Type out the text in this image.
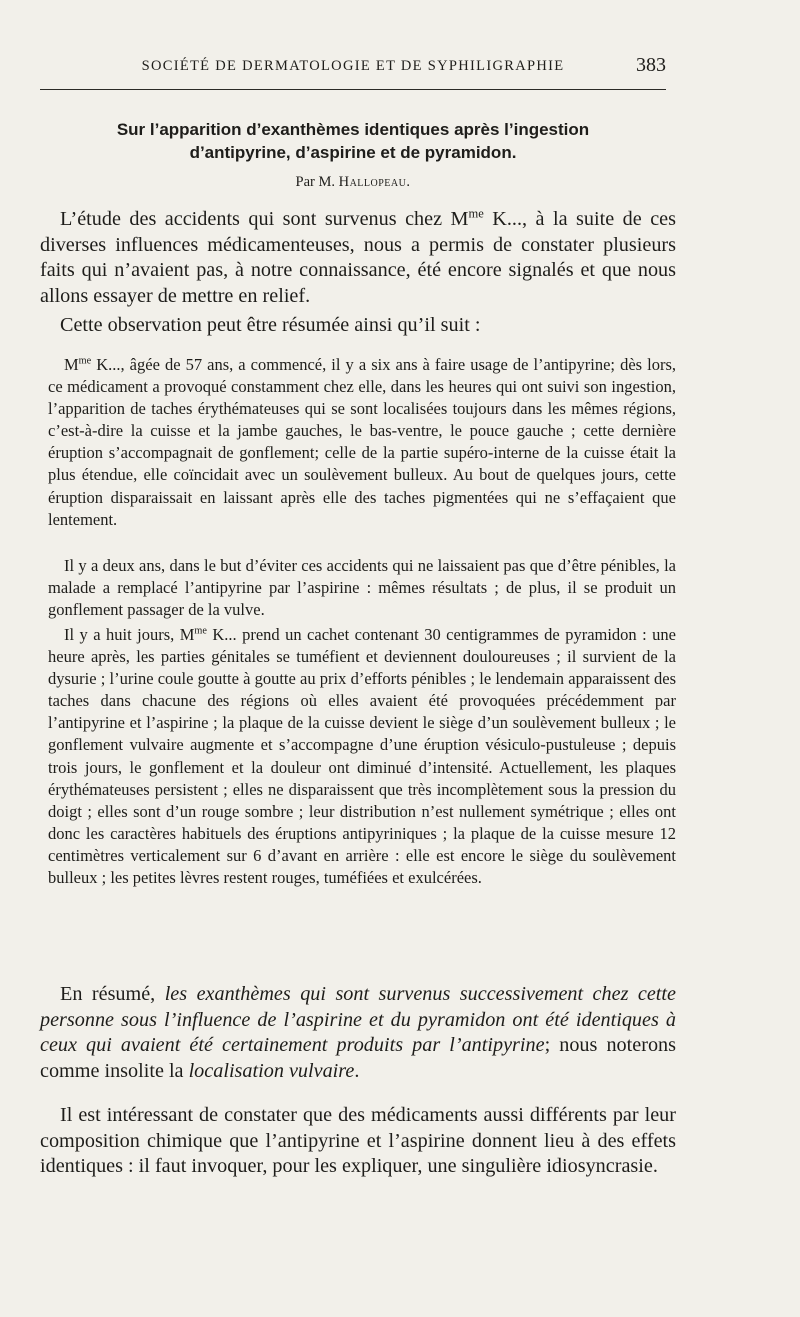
SOCIÉTÉ DE DERMATOLOGIE ET DE SYPHILIGRAPHIE	383
Sur l’apparition d’exanthèmes identiques après l’ingestion
d’antipyrine, d’aspirine et de pyramidon.

Par M. Hallopeau.

L’étude des accidents qui sont survenus chez $M^{me}$ K..., à la suite de ces diverses influences médicamenteuses, nous a permis de constater plusieurs faits qui n’avaient pas, à notre connaissance, été encore signalés et que nous allons essayer de mettre en relief.

Cette observation peut être résumée ainsi qu’il suit :

$M^{me}$ K..., âgée de 57 ans, a commencé, il y a six ans à faire usage de l’antipyrine; dès lors, ce médicament a provoqué constamment chez elle, dans les heures qui ont suivi son ingestion, l’apparition de taches érythémateuses qui se sont localisées toujours dans les mêmes régions, c’est-à-dire la cuisse et la jambe gauches, le bas-ventre, le pouce gauche ; cette dernière éruption s’accompagnait de gonflement; celle de la partie supéro-interne de la cuisse était la plus étendue, elle coïncidait avec un soulèvement bulleux. Au bout de quelques jours, cette éruption disparaissait en laissant après elle des taches pigmentées qui ne s’effaçaient que lentement.

Il y a deux ans, dans le but d’éviter ces accidents qui ne laissaient pas que d’être pénibles, la malade a remplacé l’antipyrine par l’aspirine : mêmes résultats ; de plus, il se produit un gonflement passager de la vulve.

Il y a huit jours, $M^{me}$ K... prend un cachet contenant 30 centigrammes de pyramidon : une heure après, les parties génitales se tuméfient et deviennent douloureuses ; il survient de la dysurie ; l’urine coule goutte à goutte au prix d’efforts pénibles ; le lendemain apparaissent des taches dans chacune des régions où elles avaient été provoquées précédemment par l’antipyrine et l’aspirine ; la plaque de la cuisse devient le siège d’un soulèvement bulleux ; le gonflement vulvaire augmente et s’accompagne d’une éruption vésiculo-pustuleuse ; depuis trois jours, le gonflement et la douleur ont diminué d’intensité. Actuellement, les plaques érythémateuses persistent ; elles ne disparaissent que très incomplètement sous la pression du doigt ; elles sont d’un rouge sombre ; leur distribution n’est nullement symétrique ; elles ont donc les caractères habituels des éruptions antipyriniques ; la plaque de la cuisse mesure 12 centimètres verticalement sur 6 d’avant en arrière : elle est encore le siège du soulèvement bulleux ; les petites lèvres restent rouges, tuméfiées et exulcérées.

En résumé, les exanthèmes qui sont survenus successivement chez cette personne sous l’influence de l’aspirine et du pyramidon ont été identiques à ceux qui avaient été certainement produits par l’antipyrine; nous noterons comme insolite la localisation vulvaire.

Il est intéressant de constater que des médicaments aussi différents par leur composition chimique que l’antipyrine et l’aspirine donnent lieu à des effets identiques : il faut invoquer, pour les expliquer, une singulière idiosyncrasie.
